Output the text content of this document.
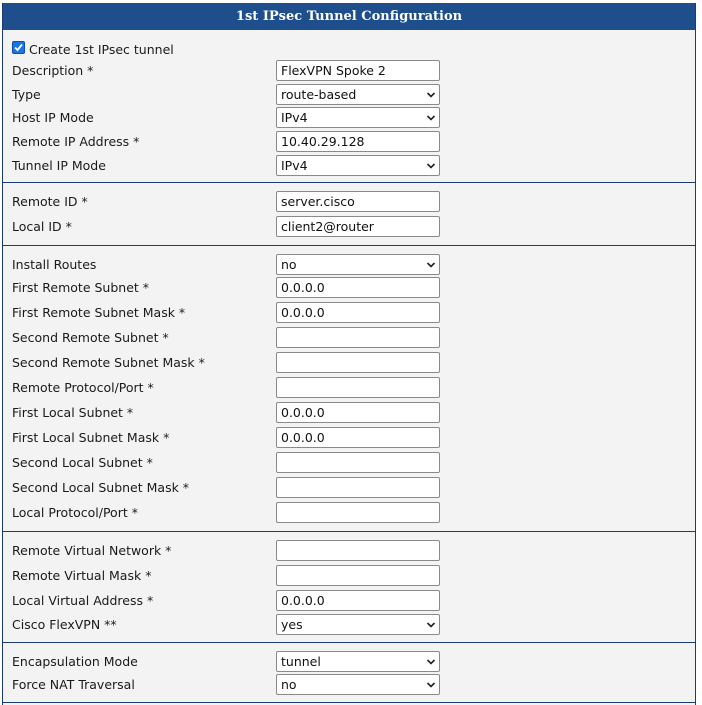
1st IPsec Tunnel Configuration
Create 1st IPsec tunnel
Description *	FlexVPN Spoke 2
Type	route-based
Host IP Mode	IPv4
Remote IP Address *	10.40.29.128
Tunnel IP Mode	IPv4
Remote ID *	server.cisco
Local ID *	client2@router
Install Routes	no
First Remote Subnet *	0.0.0.0
First Remote Subnet Mask *	0.0.0.0
Second Remote Subnet *
Second Remote Subnet Mask *
Remote Protocol/Port *
First Local Subnet *	0.0.0.0
First Local Subnet Mask *	0.0.0.0
Second Local Subnet *
Second Local Subnet Mask *
Local Protocol/Port *
Remote Virtual Network *
Remote Virtual Mask *
Local Virtual Address *	0.0.0.0
Cisco FlexVPN **	yes
Encapsulation Mode	tunnel
Force NAT Traversal	no
